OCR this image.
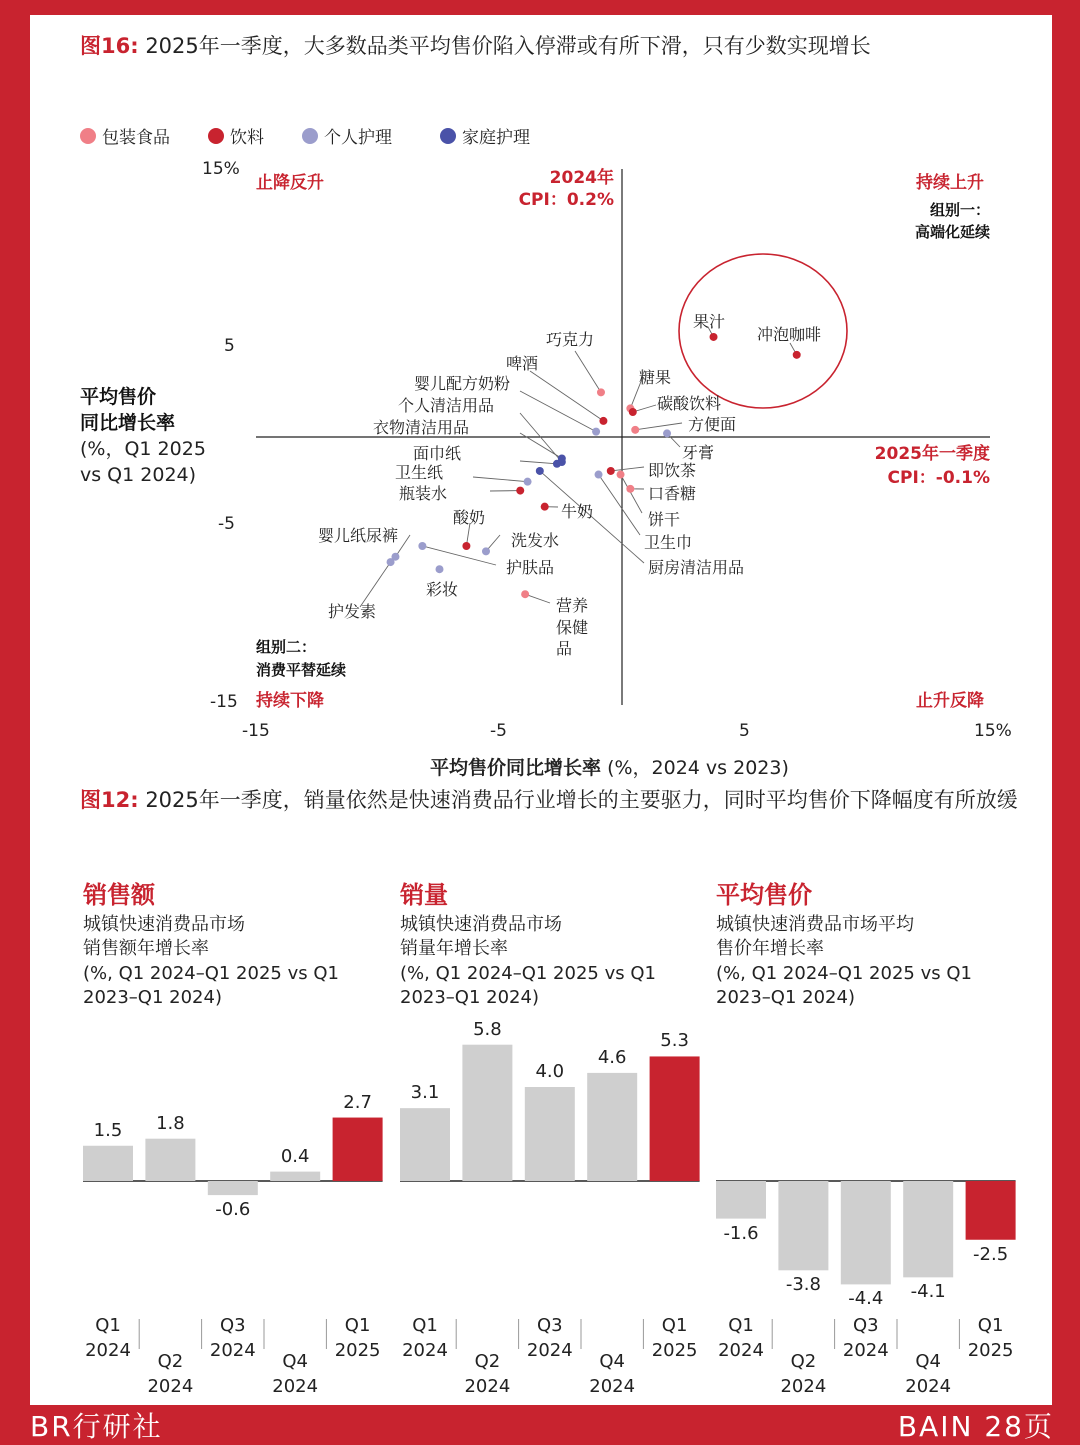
图16: 2025年一季度，大多数品类平均售价陷入停滞或有所下滑，只有少数实现增长
包装食品	饮料	个人护理	家庭护理
平均售价
同比增长率
(%，Q1 2025
vs Q1 2024)
15%
5
-5
-15
-15	-5	5	15%
平均售价同比增长率 (%，2024 vs 2023)
止降反升	持续上升
持续下降	止升反降
2024年
CPI：0.2%
2025年一季度
CPI：-0.1%
组别一：
高端化延续
组别二：
消费平替延续
巧克力
糖果
方便面
口香糖
饼干
营养保健品
果汁
冲泡咖啡
碳酸饮料
啤酒
即饮茶
瓶装水
牛奶
酸奶
牙膏
婴儿配方奶粉
卫生巾
卫生纸
洗发水
护肤品
婴儿纸尿裤
彩妆
护发素
个人清洁用品
衣物清洁用品
面巾纸
厨房清洁用品
图12: 2025年一季度，销量依然是快速消费品行业增长的主要驱力，同时平均售价下降幅度有所放缓
销售额	销量	平均售价
城镇快速消费品市场
销售额年增长率
(%, Q1 2024–Q1 2025 vs Q1
2023–Q1 2024)
城镇快速消费品市场
销量年增长率
(%, Q1 2024–Q1 2025 vs Q1
2023–Q1 2024)
城镇快速消费品市场平均
售价年增长率
(%, Q1 2024–Q1 2025 vs Q1
2023–Q1 2024)
1.5
Q1
2024
1.8
Q2
2024
-0.6
Q3
2024
0.4
Q4
2024
2.7
Q1
2025
3.1
Q1
2024
5.8
Q2
2024
4.0
Q3
2024
4.6
Q4
2024
5.3
Q1
2025
-1.6
Q1
2024
-3.8
Q2
2024
-4.4
Q3
2024
-4.1
Q4
2024
-2.5
Q1
2025
BR行研社	BAIN 28页
